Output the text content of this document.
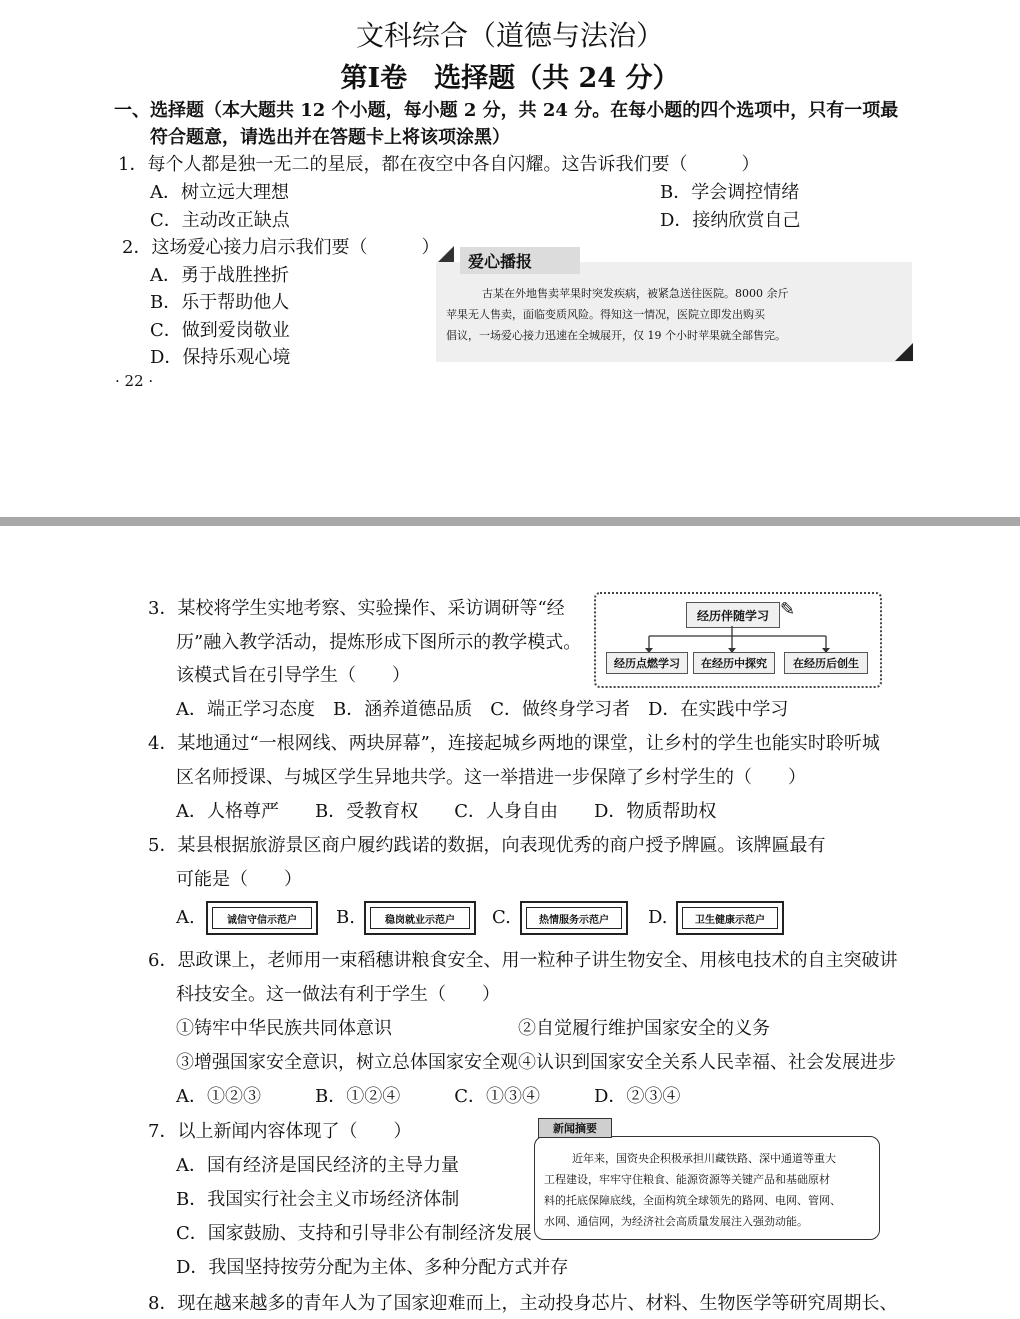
文科综合（道德与法治）
第Ⅰ卷　选择题（共 24 分）
一、选择题（本大题共 12 个小题，每小题 2 分，共 24 分。在每小题的四个选项中，只有一项最
符合题意，请选出并在答题卡上将该项涂黑）
1．每个人都是独一无二的星辰，都在夜空中各自闪耀。这告诉我们要（　　　）
A．树立远大理想	B．学会调控情绪
C．主动改正缺点	D．接纳欣赏自己
2．这场爱心接力启示我们要（　　　）
A．勇于战胜挫折
B．乐于帮助他人
C．做到爱岗敬业
D．保持乐观心境
爱心播报
古某在外地售卖苹果时突发疾病，被紧急送往医院。8000 余斤
苹果无人售卖，面临变质风险。得知这一情况，医院立即发出购买
倡议，一场爱心接力迅速在全城展开，仅 19 个小时苹果就全部售完。
· 22 ·
3．某校将学生实地考察、实验操作、采访调研等“经
历”融入教学活动，提炼形成下图所示的教学模式。
该模式旨在引导学生（　　）
经历伴随学习 ✎
经历点燃学习	在经历中探究	在经历后创生
A．端正学习态度　B．涵养道德品质　C．做终身学习者　D．在实践中学习
4．某地通过“一根网线、两块屏幕”，连接起城乡两地的课堂，让乡村的学生也能实时聆听城
区名师授课、与城区学生异地共学。这一举措进一步保障了乡村学生的（　　）
A．人格尊严　　B．受教育权　　C．人身自由　　D．物质帮助权
5．某县根据旅游景区商户履约践诺的数据，向表现优秀的商户授予牌匾。该牌匾最有
可能是（　　）
A.	诚信守信示范户	B.	稳岗就业示范户	C.	热情服务示范户	D.	卫生健康示范户
6．思政课上，老师用一束稻穗讲粮食安全、用一粒种子讲生物安全、用核电技术的自主突破讲
科技安全。这一做法有利于学生（　　）
①铸牢中华民族共同体意识	②自觉履行维护国家安全的义务
③增强国家安全意识，树立总体国家安全观 ④认识到国家安全关系人民幸福、社会发展进步
A．①②③　　　B．①②④　　　C．①③④　　　D．②③④
7．以上新闻内容体现了（　　）
A．国有经济是国民经济的主导力量
B．我国实行社会主义市场经济体制
C．国家鼓励、支持和引导非公有制经济发展
D．我国坚持按劳分配为主体、多种分配方式并存
新闻摘要
近年来，国资央企积极承担川藏铁路、深中通道等重大
工程建设，牢牢守住粮食、能源资源等关键产品和基础原材
料的托底保障底线，全面构筑全球领先的路网、电网、管网、
水网、通信网，为经济社会高质量发展注入强劲动能。
8．现在越来越多的青年人为了国家迎难而上，主动投身芯片、材料、生物医学等研究周期长、
